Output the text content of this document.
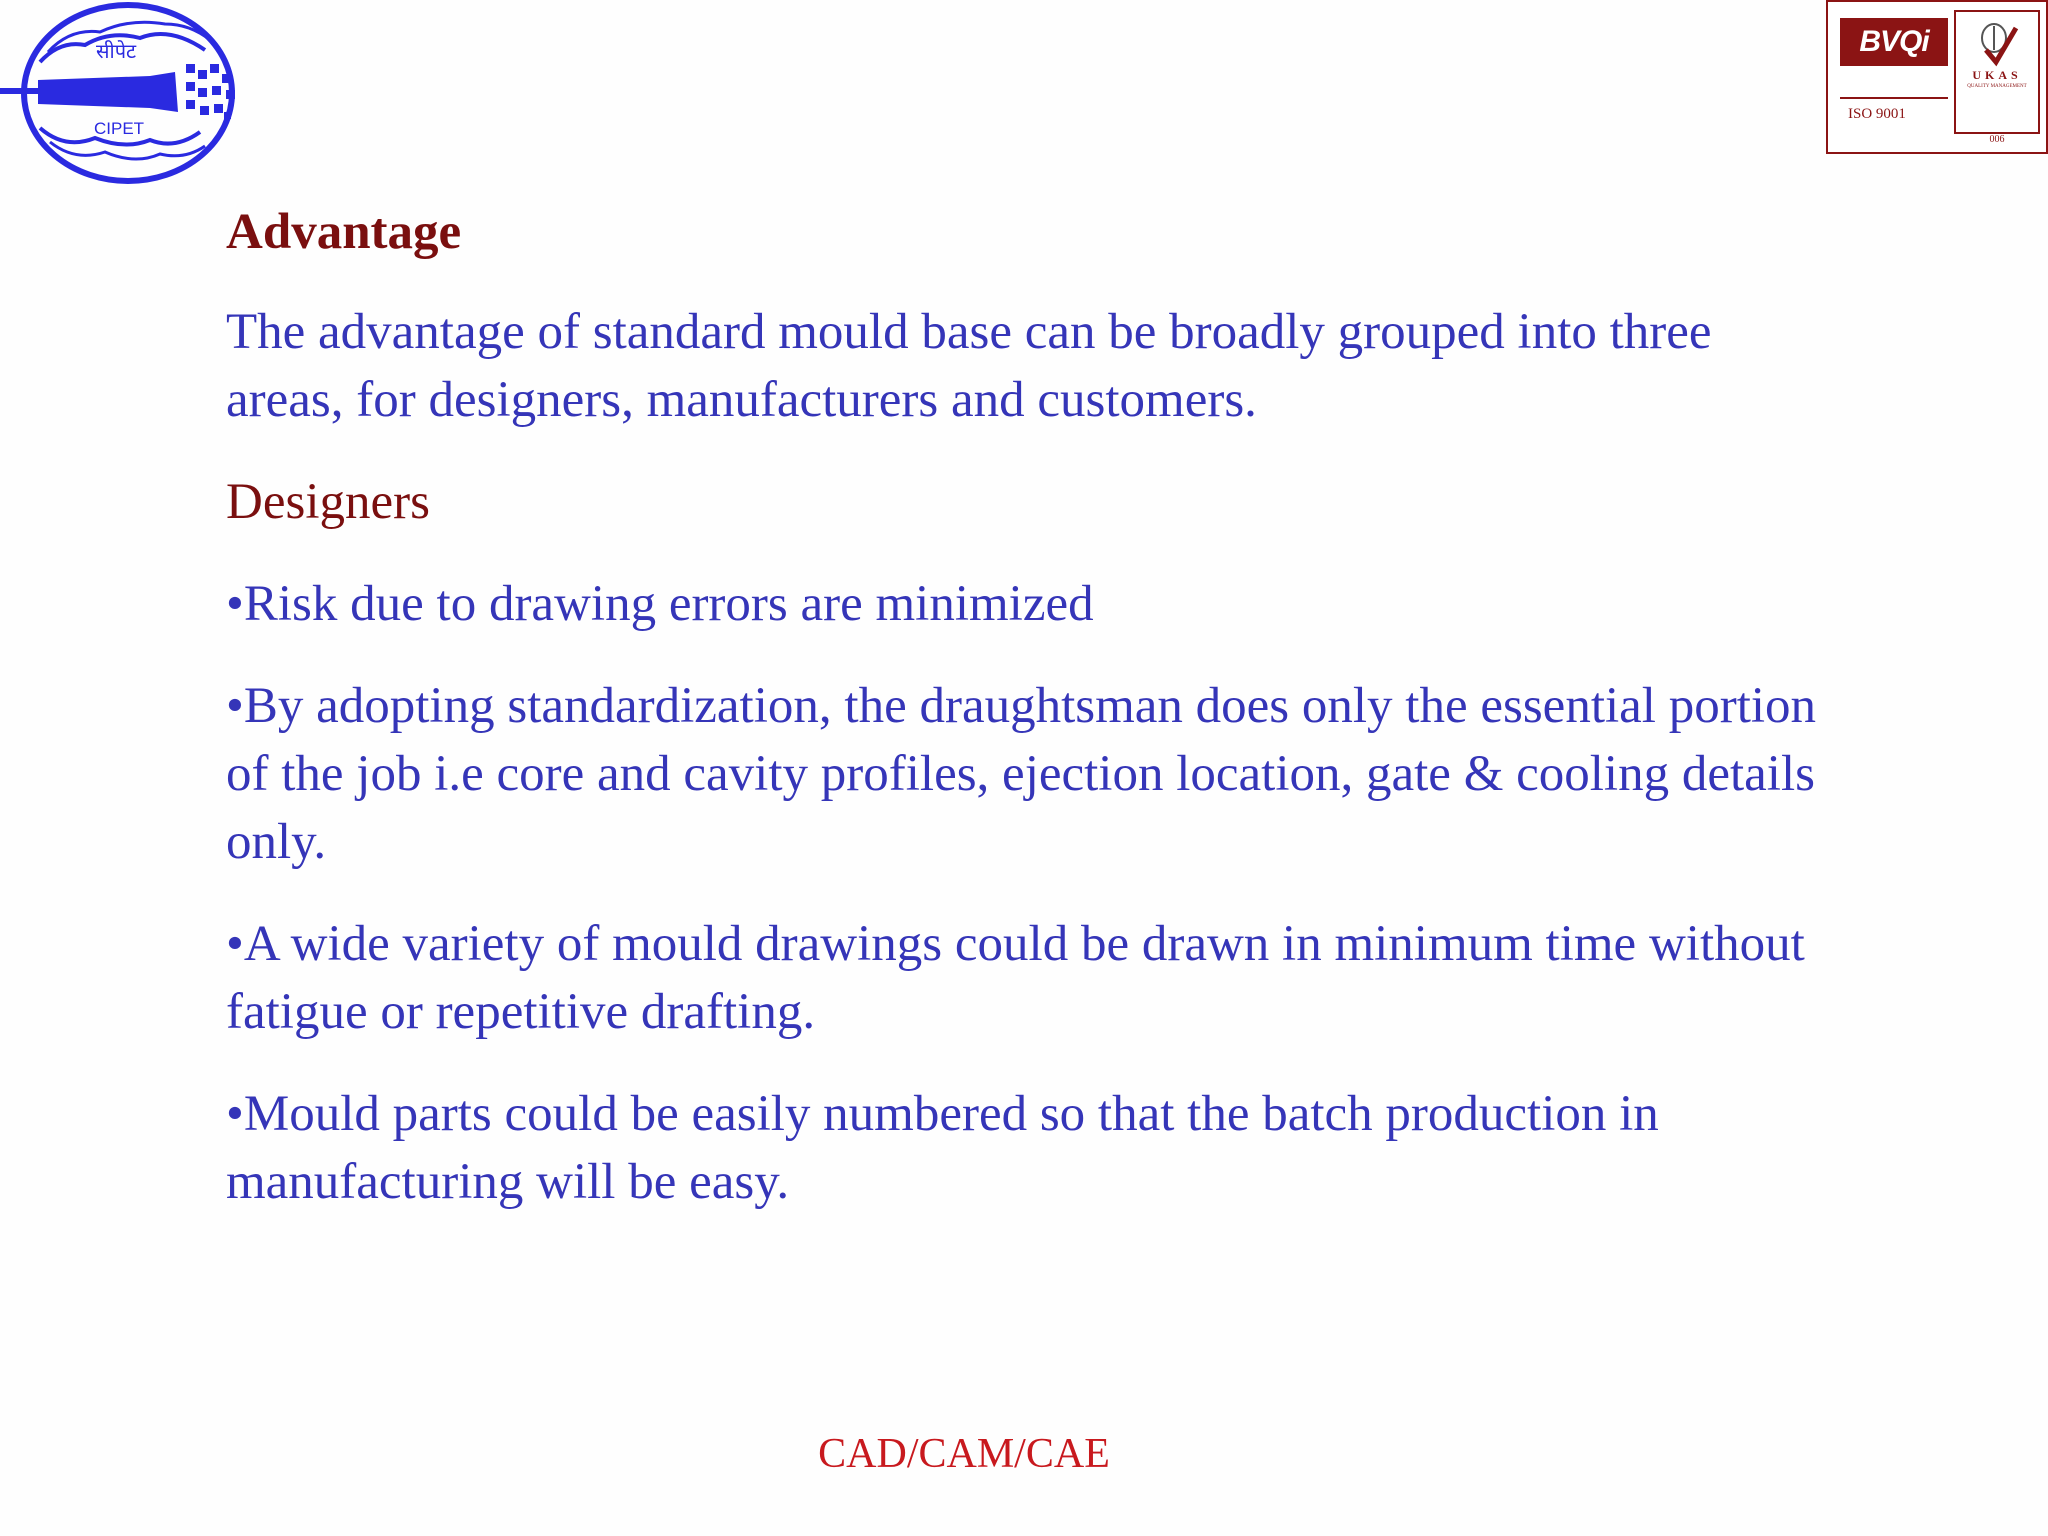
सीपेट
CIPET
BVQi
ISO 9001
UKAS
QUALITY MANAGEMENT
006
Advantage
The advantage of standard mould base can be broadly grouped into three areas, for designers, manufacturers and customers.
Designers
•Risk due to drawing errors are minimized
•By adopting standardization, the draughtsman does only the essential portion of the job i.e core and cavity profiles, ejection location, gate & cooling details only.
•A wide variety of mould drawings could be drawn in minimum time without fatigue or repetitive drafting.
•Mould parts could be easily numbered so that the batch production in manufacturing will be easy.
CAD/CAM/CAE
